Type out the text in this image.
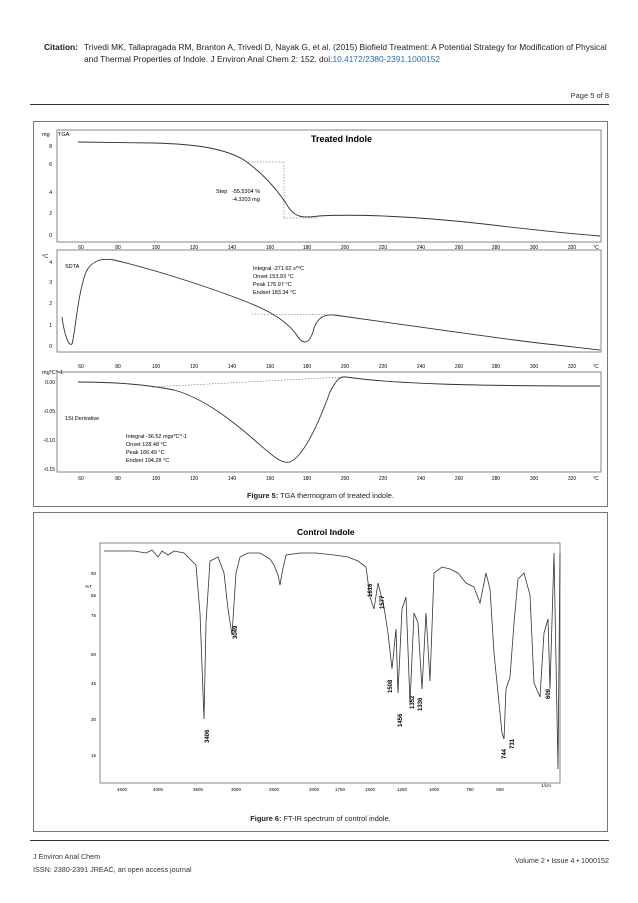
Citation: Trivedi MK, Tallapragada RM, Branton A, Trivedi D, Nayak G, et al. (2015) Biofield Treatment: A Potential Strategy for Modification of Physical and Thermal Properties of Indole. J Environ Anal Chem 2: 152. doi:10.4172/2380-2391.1000152
Page 5 of 8
Treated Indole
mg TGA
8
6
4
2
0
Step -55.5304 %
-4.3203 mg
°C
SDTA
4
3
2
1
0
Integral -271.62 s*°C
Onset 153.93 °C
Peak 176.97 °C
Endset 183.34 °C
mg*C^-1
1St Derivative
0.00
-0.05
-0.10
-0.15
Integral -36.52 mgs*C^-1
Onset 128.48 °C
Peak 166.49 °C
Endset 194.28 °C
60	80	100	120	140	160	180	200	220	240	260	280	300	320	°C
60	80	100	120	140	160	180	200	220	240	260	280	300	320	°C
60	80	100	120	140	160	180	200	220	240	260	280	300	320	°C
Figure 5: TGA thermogram of treated indole.
Control Indole
%T
90
85
75
60
45
30
15
3406
3049
1616
1577
1508
1456
1352 1336
744
731
609
4500	4000	3500	3000	2500	2000	1750	1500	1250	1000	750	500
1/cm
Figure 6: FT-IR spectrum of control indole.
J Environ Anal Chem
ISSN: 2380-2391 JREAC, an open access journal
Volume 2 • Issue 4 • 1000152
